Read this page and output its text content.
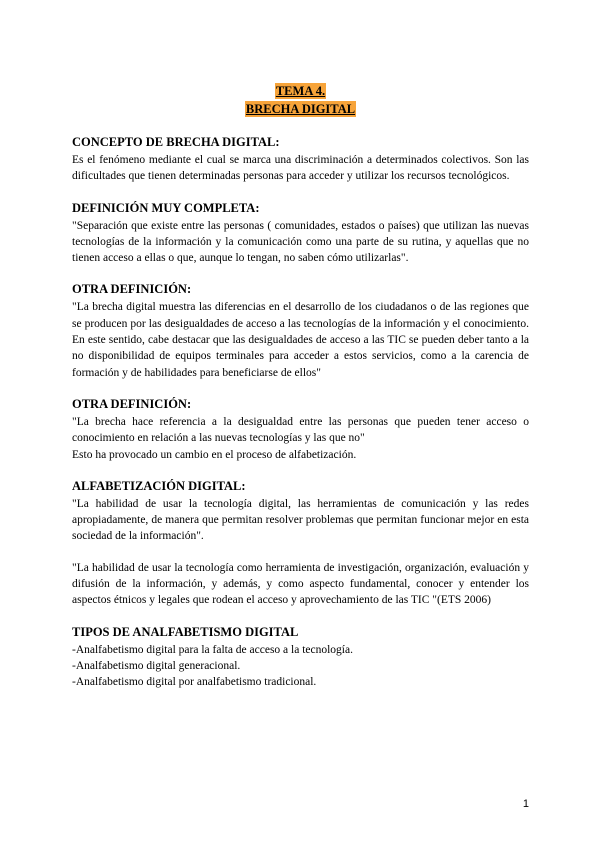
TEMA 4.
BRECHA DIGITAL

CONCEPTO DE BRECHA DIGITAL:

Es el fenómeno mediante el cual se marca una discriminación a determinados colectivos. Son las dificultades que tienen determinadas personas para acceder y utilizar los recursos tecnológicos.

DEFINICIÓN MUY COMPLETA:

"Separación que existe entre las personas ( comunidades, estados o países) que utilizan las nuevas tecnologías de la información y la comunicación como una parte de su rutina, y aquellas que no tienen acceso a ellas o que, aunque lo tengan, no saben cómo utilizarlas".

OTRA DEFINICIÓN:

"La brecha digital muestra las diferencias en el desarrollo de los ciudadanos o de las regiones que se producen por las desigualdades de acceso a las tecnologías de la información y el conocimiento. En este sentido, cabe destacar que las desigualdades de acceso a las TIC se pueden deber tanto a la no disponibilidad de equipos terminales para acceder a estos servicios, como a la carencia de formación y de habilidades para beneficiarse de ellos"

OTRA DEFINICIÓN:

"La brecha hace referencia a la desigualdad entre las personas que pueden tener acceso o conocimiento en relación a las nuevas tecnologías y las que no"

Esto ha provocado un cambio en el proceso de alfabetización.

ALFABETIZACIÓN DIGITAL:

"La habilidad de usar la tecnología digital, las herramientas de comunicación y las redes apropiadamente, de manera que permitan resolver problemas que permitan funcionar mejor en esta sociedad de la información".

"La habilidad de usar la tecnología como herramienta de investigación, organización, evaluación y difusión de la información, y además, y como aspecto fundamental, conocer y entender los aspectos étnicos y legales que rodean el acceso y aprovechamiento de las TIC "(ETS 2006)

TIPOS DE ANALFABETISMO DIGITAL

-Analfabetismo digital para la falta de acceso a la tecnología.

-Analfabetismo digital generacional.

-Analfabetismo digital por analfabetismo tradicional.

1
